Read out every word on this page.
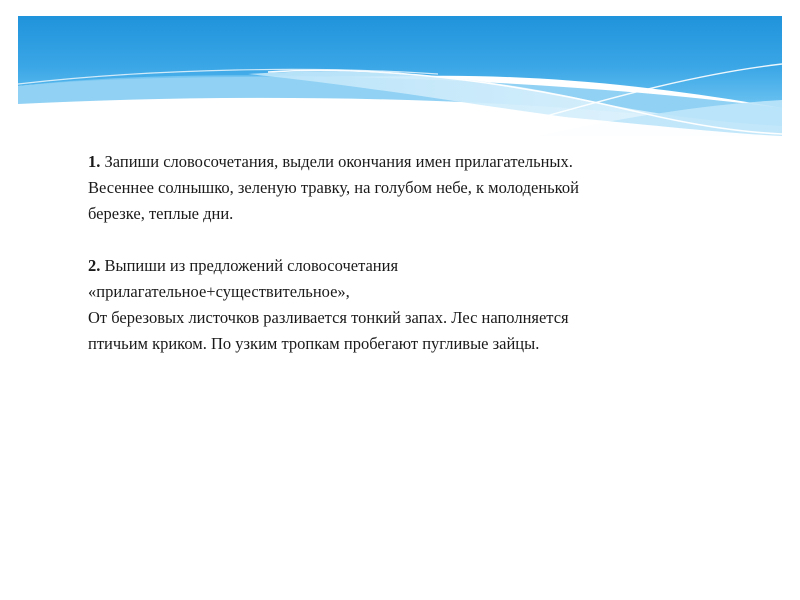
1. Запиши словосочетания, выдели окончания имен прилагательных.
Весеннее солнышко, зеленую травку, на голубом небе, к молоденькой
березке, теплые дни.

2. Выпиши из предложений словосочетания
«прилагательное+существительное»,
От березовых листочков разливается тонкий запах. Лес наполняется
птичьим криком. По узким тропкам пробегают пугливые зайцы.
